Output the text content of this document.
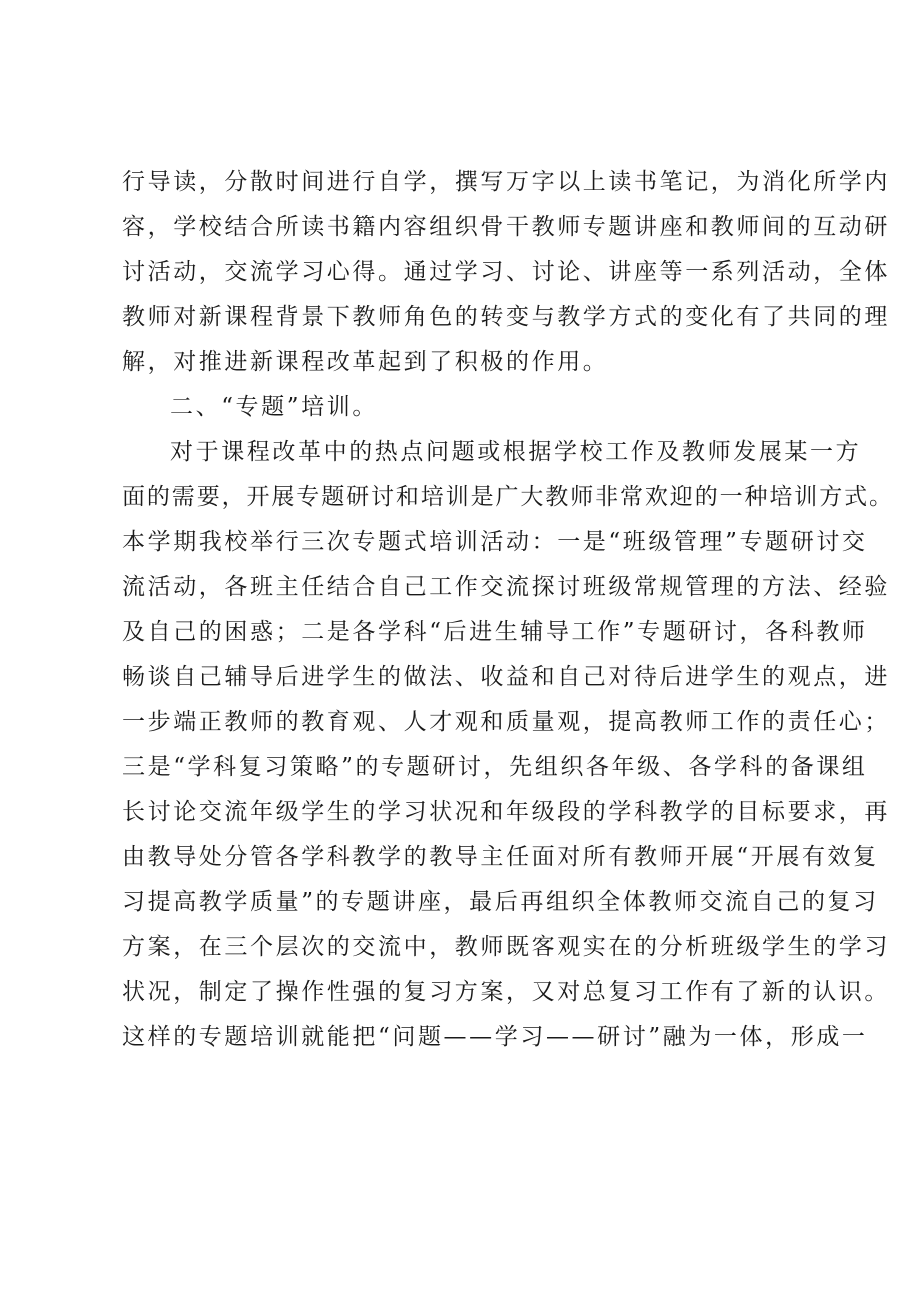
行导读，分散时间进行自学，撰写万字以上读书笔记，为消化所学内
容，学校结合所读书籍内容组织骨干教师专题讲座和教师间的互动研
讨活动，交流学习心得。通过学习、讨论、讲座等一系列活动，全体
教师对新课程背景下教师角色的转变与教学方式的变化有了共同的理
解，对推进新课程改革起到了积极的作用。
二、“专题”培训。
对于课程改革中的热点问题或根据学校工作及教师发展某一方
面的需要，开展专题研讨和培训是广大教师非常欢迎的一种培训方式。
本学期我校举行三次专题式培训活动：一是“班级管理”专题研讨交
流活动，各班主任结合自己工作交流探讨班级常规管理的方法、经验
及自己的困惑；二是各学科“后进生辅导工作”专题研讨，各科教师
畅谈自己辅导后进学生的做法、收益和自己对待后进学生的观点，进
一步端正教师的教育观、人才观和质量观，提高教师工作的责任心；
三是“学科复习策略”的专题研讨，先组织各年级、各学科的备课组
长讨论交流年级学生的学习状况和年级段的学科教学的目标要求，再
由教导处分管各学科教学的教导主任面对所有教师开展“开展有效复
习提高教学质量”的专题讲座，最后再组织全体教师交流自己的复习
方案，在三个层次的交流中，教师既客观实在的分析班级学生的学习
状况，制定了操作性强的复习方案，又对总复习工作有了新的认识。
这样的专题培训就能把“问题——学习——研讨”融为一体，形成一
